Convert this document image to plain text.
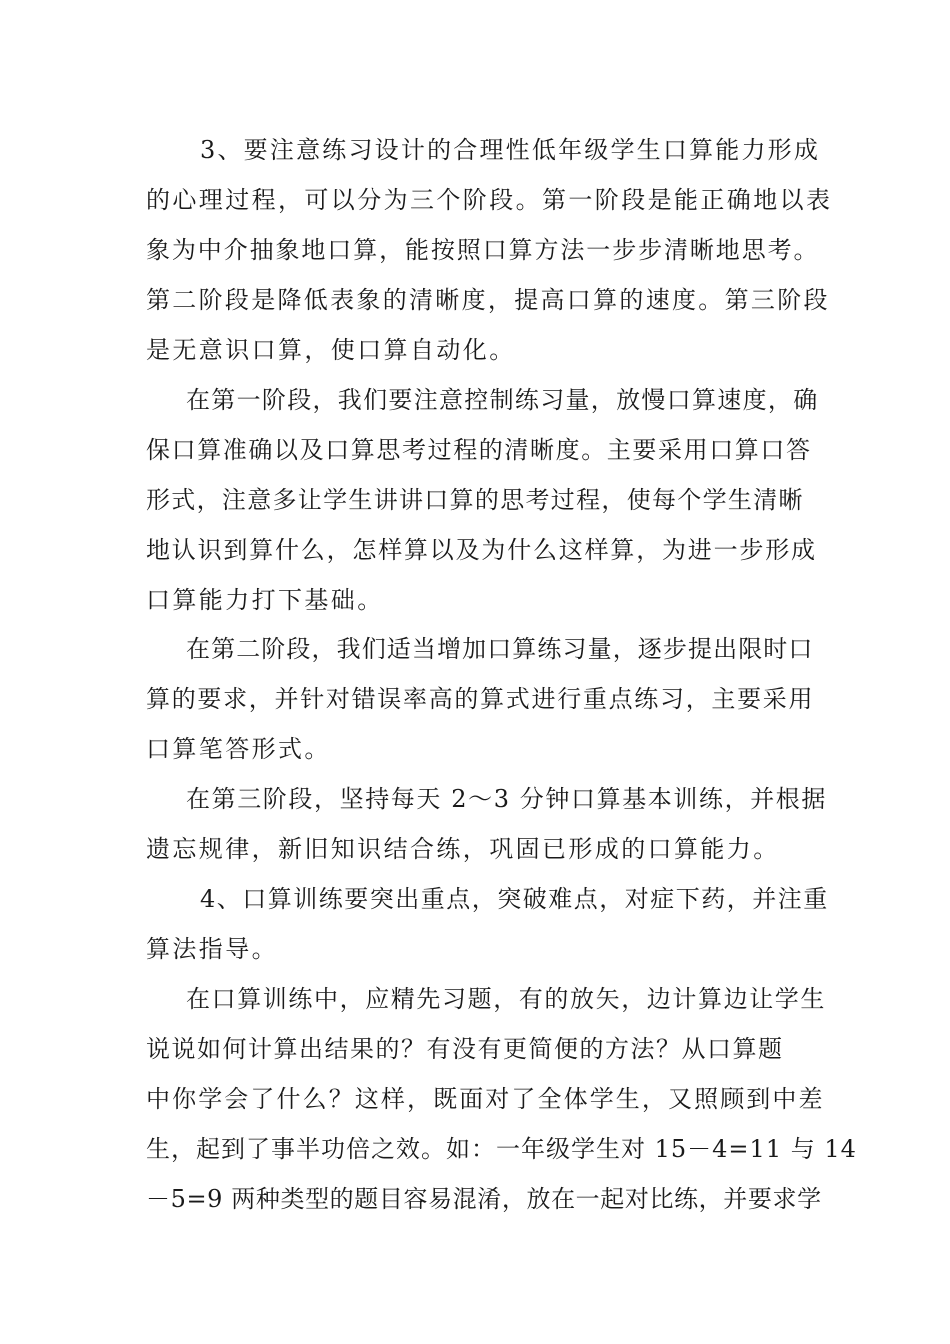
3、要注意练习设计的合理性低年级学生口算能力形成
的心理过程，可以分为三个阶段。第一阶段是能正确地以表
象为中介抽象地口算，能按照口算方法一步步清晰地思考。
第二阶段是降低表象的清晰度，提高口算的速度。第三阶段
是无意识口算，使口算自动化。
在第一阶段，我们要注意控制练习量，放慢口算速度，确
保口算准确以及口算思考过程的清晰度。主要采用口算口答
形式，注意多让学生讲讲口算的思考过程，使每个学生清晰
地认识到算什么，怎样算以及为什么这样算，为进一步形成
口算能力打下基础。
在第二阶段，我们适当增加口算练习量，逐步提出限时口
算的要求，并针对错误率高的算式进行重点练习，主要采用
口算笔答形式。
在第三阶段，坚持每天 2～3 分钟口算基本训练，并根据
遗忘规律，新旧知识结合练，巩固已形成的口算能力。
4、口算训练要突出重点，突破难点，对症下药，并注重
算法指导。
在口算训练中，应精先习题，有的放矢，边计算边让学生
说说如何计算出结果的？有没有更简便的方法？从口算题
中你学会了什么？这样，既面对了全体学生，又照顾到中差
生，起到了事半功倍之效。如：一年级学生对 15－4=11 与 14
－5=9 两种类型的题目容易混淆，放在一起对比练，并要求学
